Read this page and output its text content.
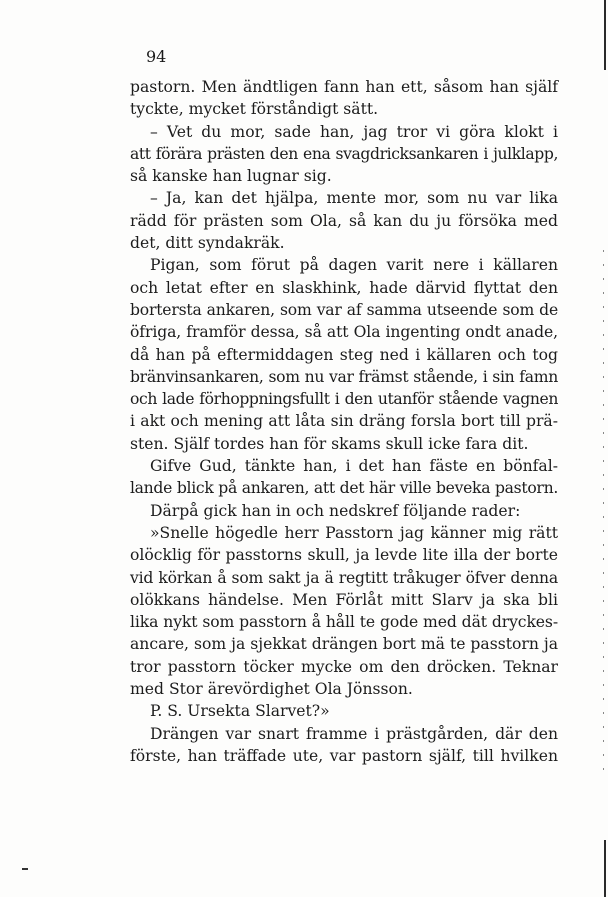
94
pastorn. Men ändtligen fann han ett, såsom han själf
tyckte, mycket förståndigt sätt.
– Vet du mor, sade han, jag tror vi göra klokt i
att förära prästen den ena svagdricksankaren i julklapp,
så kanske han lugnar sig.
– Ja, kan det hjälpa, mente mor, som nu var lika
rädd för prästen som Ola, så kan du ju försöka med
det, ditt syndakräk.
Pigan, som förut på dagen varit nere i källaren
och letat efter en slaskhink, hade därvid flyttat den
bortersta ankaren, som var af samma utseende som de
öfriga, framför dessa, så att Ola ingenting ondt anade,
då han på eftermiddagen steg ned i källaren och tog
bränvinsankaren, som nu var främst stående, i sin famn
och lade förhoppningsfullt i den utanför stående vagnen
i akt och mening att låta sin dräng forsla bort till prä-
sten. Själf tordes han för skams skull icke fara dit.
Gifve Gud, tänkte han, i det han fäste en bönfal-
lande blick på ankaren, att det här ville beveka pastorn.
Därpå gick han in och nedskref följande rader:
»Snelle högedle herr Passtorn jag känner mig rätt
olöcklig för passtorns skull, ja levde lite illa der borte
vid körkan å som sakt ja ä regtitt tråkuger öfver denna
olökkans händelse. Men Förlåt mitt Slarv ja ska bli
lika nykt som passtorn å håll te gode med dät dryckes-
ancare, som ja sjekkat drängen bort mä te passtorn ja
tror passtorn töcker mycke om den dröcken. Teknar
med Stor ärevördighet Ola Jönsson.
P. S. Ursekta Slarvet?»
Drängen var snart framme i prästgården, där den
förste, han träffade ute, var pastorn själf, till hvilken
